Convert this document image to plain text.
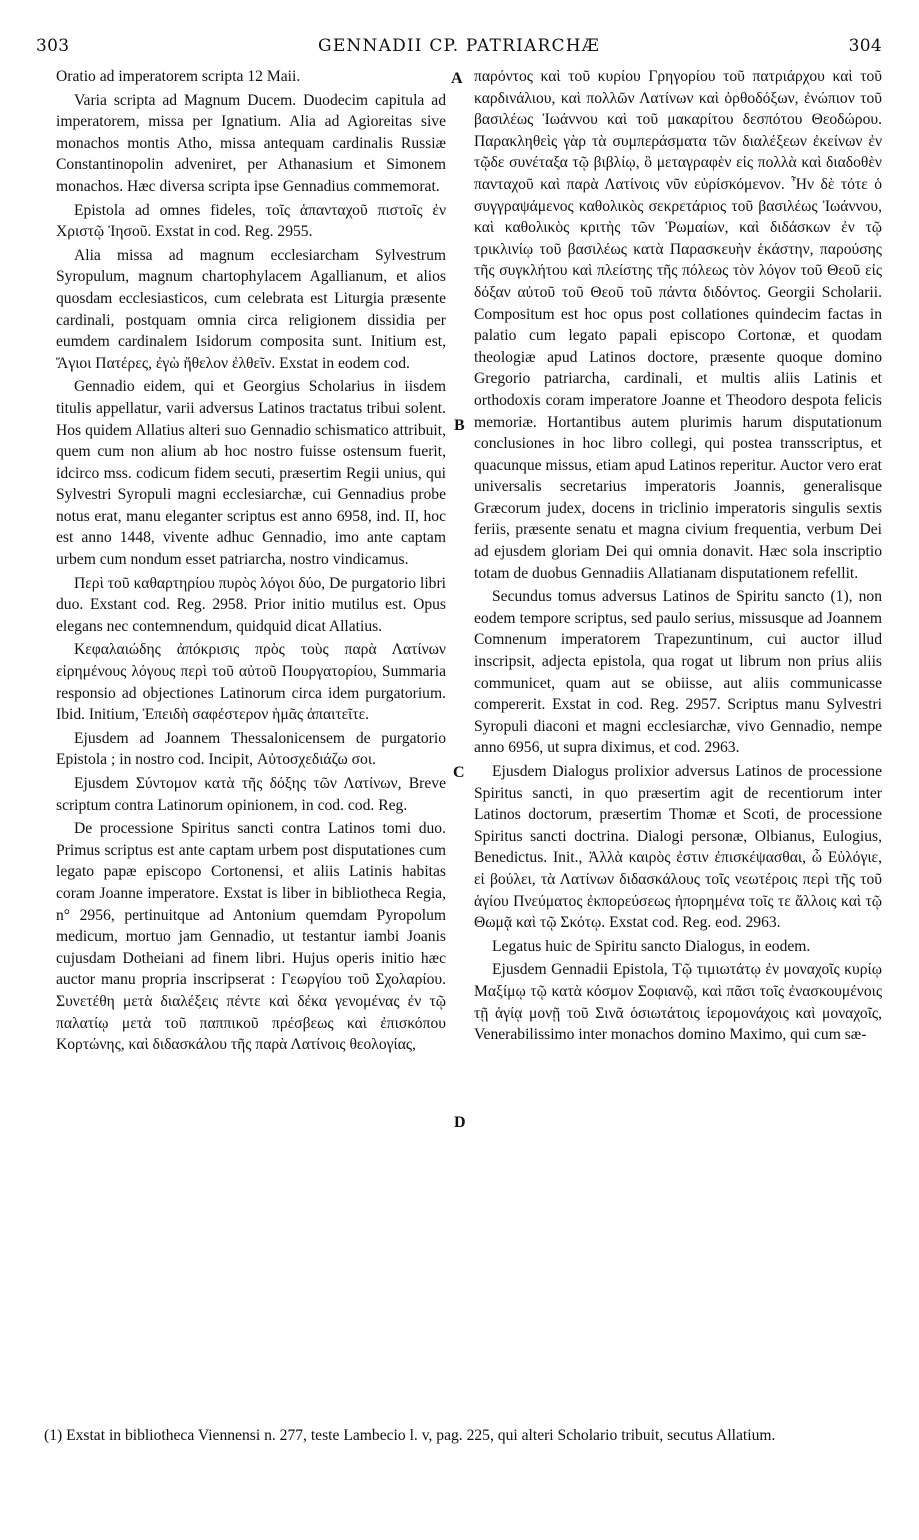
303	GENNADII CP. PATRIARCHÆ	304

Oratio ad imperatorem scripta 12 Maii.

Varia scripta ad Magnum Ducem. Duodecim capitula ad imperatorem, missa per Ignatium. Alia ad Agioreitas sive monachos montis Atho, missa antequam cardinalis Russiæ Constantinopolin adveniret, per Athanasium et Simonem monachos. Hæc diversa scripta ipse Gennadius commemorat.

Epistola ad omnes fideles, τοῖς ἁπανταχοῦ πιστοῖς ἐν Χριστῷ Ἰησοῦ. Exstat in cod. Reg. 2955.

Alia missa ad magnum ecclesiarcham Sylvestrum Syropulum, magnum chartophylacem Agallianum, et alios quosdam ecclesiasticos, cum celebrata est Liturgia præsente cardinali, postquam omnia circa religionem dissidia per eumdem cardinalem Isidorum composita sunt. Initium est, Ἅγιοι Πατέρες, ἐγὼ ἤθελον ἐλθεῖν. Exstat in eodem cod.

Gennadio eidem, qui et Georgius Scholarius in iisdem titulis appellatur, varii adversus Latinos tractatus tribui solent. Hos quidem Allatius alteri suo Gennadio schismatico attribuit, quem cum non alium ab hoc nostro fuisse ostensum fuerit, idcirco mss. codicum fidem secuti, præsertim Regii unius, qui Sylvestri Syropuli magni ecclesiarchæ, cui Gennadius probe notus erat, manu eleganter scriptus est anno 6958, ind. II, hoc est anno 1448, vivente adhuc Gennadio, imo ante captam urbem cum nondum esset patriarcha, nostro vindicamus.

Περὶ τοῦ καθαρτηρίου πυρὸς λόγοι δύο, De purgatorio libri duo. Exstant cod. Reg. 2958. Prior initio mutilus est. Opus elegans nec contemnendum, quidquid dicat Allatius.

Κεφαλαιώδης ἀπόκρισις πρὸς τοὺς παρὰ Λατίνων εἰρημένους λόγους περὶ τοῦ αὐτοῦ Πουργατορίου, Summaria responsio ad objectiones Latinorum circa idem purgatorium. Ibid. Initium, Ἐπειδὴ σαφέστερον ἡμᾶς ἀπαιτεῖτε.

Ejusdem ad Joannem Thessalonicensem de purgatorio Epistola ; in nostro cod. Incipit, Αὐτοσχεδιάζω σοι.

Ejusdem Σύντομον κατὰ τῆς δόξης τῶν Λατίνων, Breve scriptum contra Latinorum opinionem, in cod. cod. Reg.

De processione Spiritus sancti contra Latinos tomi duo. Primus scriptus est ante captam urbem post disputationes cum legato papæ episcopo Cortonensi, et aliis Latinis habitas coram Joanne imperatore. Exstat is liber in bibliotheca Regia, n° 2956, pertinuitque ad Antonium quemdam Pyropolum medicum, mortuo jam Gennadio, ut testantur iambi Joanis cujusdam Dotheiani ad finem libri. Hujus operis initio hæc auctor manu propria inscripserat : Γεωργίου τοῦ Σχολαρίου. Συνετέθη μετὰ διαλέξεις πέντε καὶ δέκα γενομένας ἐν τῷ παλατίῳ μετὰ τοῦ παππικοῦ πρέσβεως καὶ ἐπισκόπου Κορτώνης, καὶ διδασκάλου τῆς παρὰ Λατίνοις θεολογίας,

παρόντος καὶ τοῦ κυρίου Γρηγορίου τοῦ πατριάρχου καὶ τοῦ καρδινάλιου, καὶ πολλῶν Λατίνων καὶ ὀρθοδόξων, ἐνώπιον τοῦ βασιλέως Ἰωάννου καὶ τοῦ μακαρίτου δεσπότου Θεοδώρου. Παρακληθεὶς γὰρ τὰ συμπεράσματα τῶν διαλέξεων ἐκείνων ἐν τῷδε συνέταξα τῷ βιβλίῳ, ὃ μεταγραφὲν εἰς πολλὰ καὶ διαδοθὲν πανταχοῦ καὶ παρὰ Λατίνοις νῦν εὑρίσκόμενον. Ἦν δὲ τότε ὁ συγγραψάμενος καθολικὸς σεκρετάριος τοῦ βασιλέως Ἰωάννου, καὶ καθολικὸς κριτὴς τῶν Ῥωμαίων, καὶ διδάσκων ἐν τῷ τρικλινίῳ τοῦ βασιλέως κατὰ Παρασκευὴν ἑκάστην, παρούσης τῆς συγκλήτου καὶ πλείστης τῆς πόλεως τὸν λόγον τοῦ Θεοῦ εἰς δόξαν αὐτοῦ τοῦ Θεοῦ τοῦ πάντα διδόντος. Georgii Scholarii. Compositum est hoc opus post collationes quindecim factas in palatio cum legato papali episcopo Cortonæ, et quodam theologiæ apud Latinos doctore, præsente quoque domino Gregorio patriarcha, cardinali, et multis aliis Latinis et orthodoxis coram imperatore Joanne et Theodoro despota felicis memoriæ. Hortantibus autem plurimis harum disputationum conclusiones in hoc libro collegi, qui postea transscriptus, et quacunque missus, etiam apud Latinos reperitur. Auctor vero erat universalis secretarius imperatoris Joannis, generalisque Græcorum judex, docens in triclinio imperatoris singulis sextis feriis, præsente senatu et magna civium frequentia, verbum Dei ad ejusdem gloriam Dei qui omnia donavit. Hæc sola inscriptio totam de duobus Gennadiis Allatianam disputationem refellit.

Secundus tomus adversus Latinos de Spiritu sancto (1), non eodem tempore scriptus, sed paulo serius, missusque ad Joannem Comnenum imperatorem Trapezuntinum, cui auctor illud inscripsit, adjecta epistola, qua rogat ut librum non prius aliis communicet, quam aut se obiisse, aut aliis communicasse compererit. Exstat in cod. Reg. 2957. Scriptus manu Sylvestri Syropuli diaconi et magni ecclesiarchæ, vivo Gennadio, nempe anno 6956, ut supra diximus, et cod. 2963.

Ejusdem Dialogus prolixior adversus Latinos de processione Spiritus sancti, in quo præsertim agit de recentiorum inter Latinos doctorum, præsertim Thomæ et Scoti, de processione Spiritus sancti doctrina. Dialogi personæ, Olbianus, Eulogius, Benedictus. Init., Ἀλλὰ καιρὸς ἐστιν ἐπισκέψασθαι, ὦ Εὐλόγιε, εἰ βούλει, τὰ Λατίνων διδασκάλους τοῖς νεωτέροις περὶ τῆς τοῦ ἁγίου Πνεύματος ἐκπορεύσεως ἠπορημένα τοῖς τε ἄλλοις καὶ τῷ Θωμᾷ καὶ τῷ Σκότῳ. Exstat cod. Reg. eod. 2963.

Legatus huic de Spiritu sancto Dialogus, in eodem.

Ejusdem Gennadii Epistola, Τῷ τιμιωτάτῳ ἐν μοναχοῖς κυρίῳ Μαξίμῳ τῷ κατὰ κόσμον Σοφιανῷ, καὶ πᾶσι τοῖς ἐνασκουμένοις τῇ ἁγίᾳ μονῇ τοῦ Σινᾶ ὁσιωτάτοις ἱερομονάχοις καὶ μοναχοῖς, Venerabilissimo inter monachos domino Maximo, qui cum sæ-

A
B
C
D

(1) Exstat in bibliotheca Viennensi n. 277, teste Lambecio l. v, pag. 225, qui alteri Scholario tribuit, secutus Allatium.
